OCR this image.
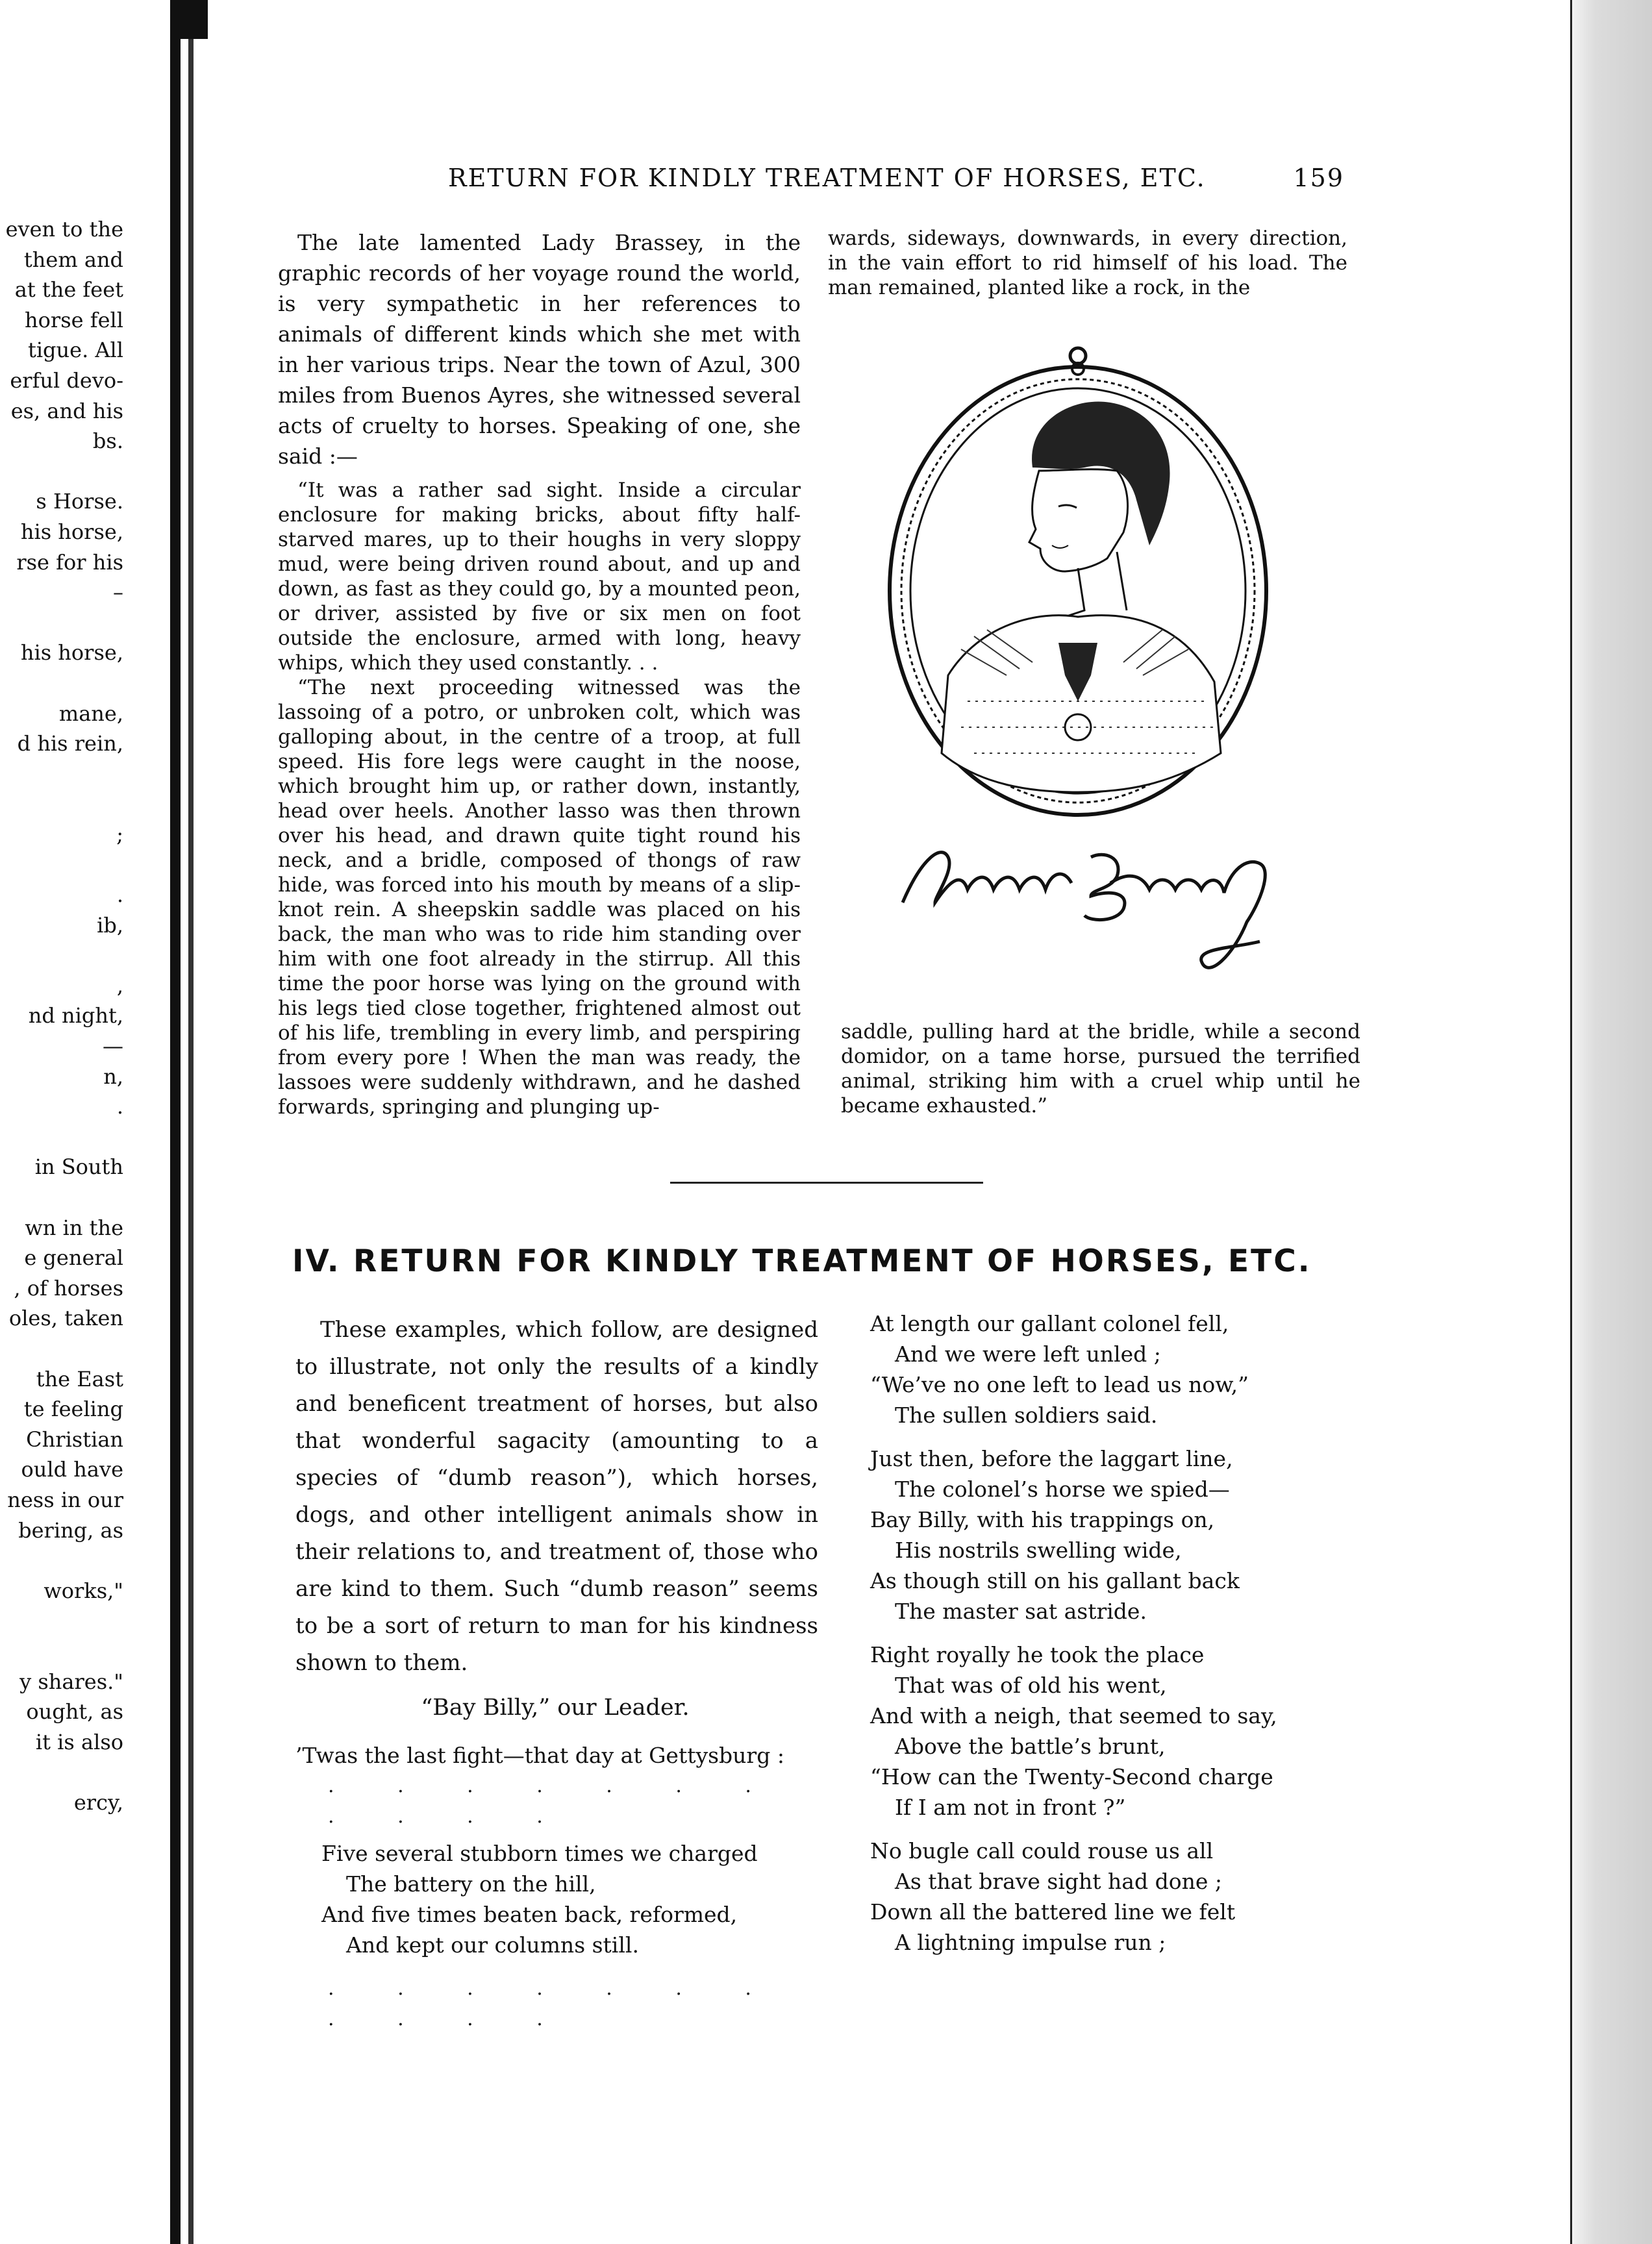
even to the
them and
at the feet
horse fell
tigue. All
erful devo-
es, and his
bs.
s Horse.
his horse,
rse for his
–
his horse,
mane,
d his rein,
;
.
ib,
,
nd night,
—
n,
.
in South
wn in the
e general
, of horses
oles, taken
the East
te feeling
Christian
ould have
ness in our
bering, as
works,"
y shares."
ought, as
it is also
ercy,
RETURN FOR KINDLY TREATMENT OF HORSES, ETC.	159

The late lamented Lady Brassey, in the graphic records of her voyage round the world, is very sympathetic in her references to animals of different kinds which she met with in her various trips. Near the town of Azul, 300 miles from Buenos Ayres, she witnessed several acts of cruelty to horses. Speaking of one, she said :—

“It was a rather sad sight. Inside a circular enclosure for making bricks, about fifty half-starved mares, up to their houghs in very sloppy mud, were being driven round about, and up and down, as fast as they could go, by a mounted peon, or driver, assisted by five or six men on foot outside the enclosure, armed with long, heavy whips, which they used constantly. . .

“The next proceeding witnessed was the lassoing of a potro, or unbroken colt, which was galloping about, in the centre of a troop, at full speed. His fore legs were caught in the noose, which brought him up, or rather down, instantly, head over heels. Another lasso was then thrown over his head, and drawn quite tight round his neck, and a bridle, composed of thongs of raw hide, was forced into his mouth by means of a slip-knot rein. A sheepskin saddle was placed on his back, the man who was to ride him standing over him with one foot already in the stirrup. All this time the poor horse was lying on the ground with his legs tied close together, frightened almost out of his life, trembling in every limb, and perspiring from every pore ! When the man was ready, the lassoes were suddenly withdrawn, and he dashed forwards, springing and plunging up-

wards, sideways, downwards, in every direction, in the vain effort to rid himself of his load. The man remained, planted like a rock, in the
saddle, pulling hard at the bridle, while a second domidor, on a tame horse, pursued the terrified animal, striking him with a cruel whip until he became exhausted.”
IV. RETURN FOR KINDLY TREATMENT OF HORSES, ETC.

These examples, which follow, are designed to illustrate, not only the results of a kindly and beneficent treatment of horses, but also that wonderful sagacity (amounting to a species of “dumb reason”), which horses, dogs, and other intelligent animals show in their relations to, and treatment of, those who are kind to them. Such “dumb reason” seems to be a sort of return to man for his kindness shown to them.

“Bay Billy,” our Leader.
’Twas the last fight—that day at Gettysburg :
. . . . . . . . . . .
Five several stubborn times we charged
The battery on the hill,
And five times beaten back, reformed,
And kept our columns still.
. . . . . . . . . . .
At length our gallant colonel fell,
And we were left unled ;
“We’ve no one left to lead us now,”
The sullen soldiers said.
Just then, before the laggart line,
The colonel’s horse we spied—
Bay Billy, with his trappings on,
His nostrils swelling wide,
As though still on his gallant back
The master sat astride.
Right royally he took the place
That was of old his went,
And with a neigh, that seemed to say,
Above the battle’s brunt,
“How can the Twenty-Second charge
If I am not in front ?”
No bugle call could rouse us all
As that brave sight had done ;
Down all the battered line we felt
A lightning impulse run ;
